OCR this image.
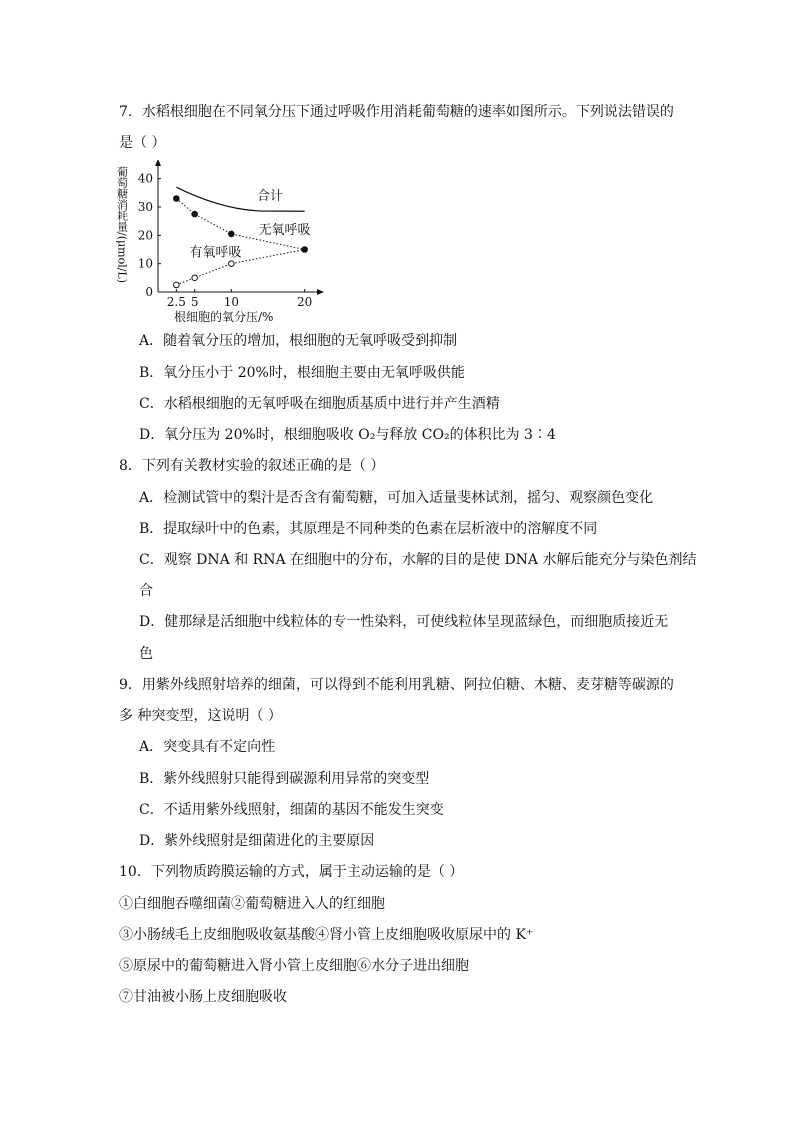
7．水稻根细胞在不同氧分压下通过呼吸作用消耗葡萄糖的速率如图所示。下列说法错误的
是（ ）
0
10
20
30
40
2.5 5 10	20
根细胞的氧分压/%
葡萄糖消耗量/(μmol/L)	合计
无氧呼吸
有氧呼吸
A．随着氧分压的增加，根细胞的无氧呼吸受到抑制
B．氧分压小于 20%时，根细胞主要由无氧呼吸供能
C．水稻根细胞的无氧呼吸在细胞质基质中进行并产生酒精
D．氧分压为 20%时，根细胞吸收 O₂与释放 CO₂的体积比为 3∶4
8．下列有关教材实验的叙述正确的是（ ）
A．检测试管中的梨汁是否含有葡萄糖，可加入适量斐林试剂，摇匀、观察颜色变化
B．提取绿叶中的色素，其原理是不同种类的色素在层析液中的溶解度不同
C．观察 DNA 和 RNA 在细胞中的分布，水解的目的是使 DNA 水解后能充分与染色剂结
合
D．健那绿是活细胞中线粒体的专一性染料，可使线粒体呈现蓝绿色，而细胞质接近无
色
9．用紫外线照射培养的细菌，可以得到不能利用乳糖、阿拉伯糖、木糖、麦芽糖等碳源的
多 种突变型，这说明（ ）
A．突变具有不定向性
B．紫外线照射只能得到碳源利用异常的突变型
C．不适用紫外线照射，细菌的基因不能发生突变
D．紫外线照射是细菌进化的主要原因
10．下列物质跨膜运输的方式，属于主动运输的是（ ）
①白细胞吞噬细菌②葡萄糖进入人的红细胞
③小肠绒毛上皮细胞吸收氨基酸④肾小管上皮细胞吸收原尿中的 K⁺
⑤原尿中的葡萄糖进入肾小管上皮细胞⑥水分子进出细胞
⑦甘油被小肠上皮细胞吸收
